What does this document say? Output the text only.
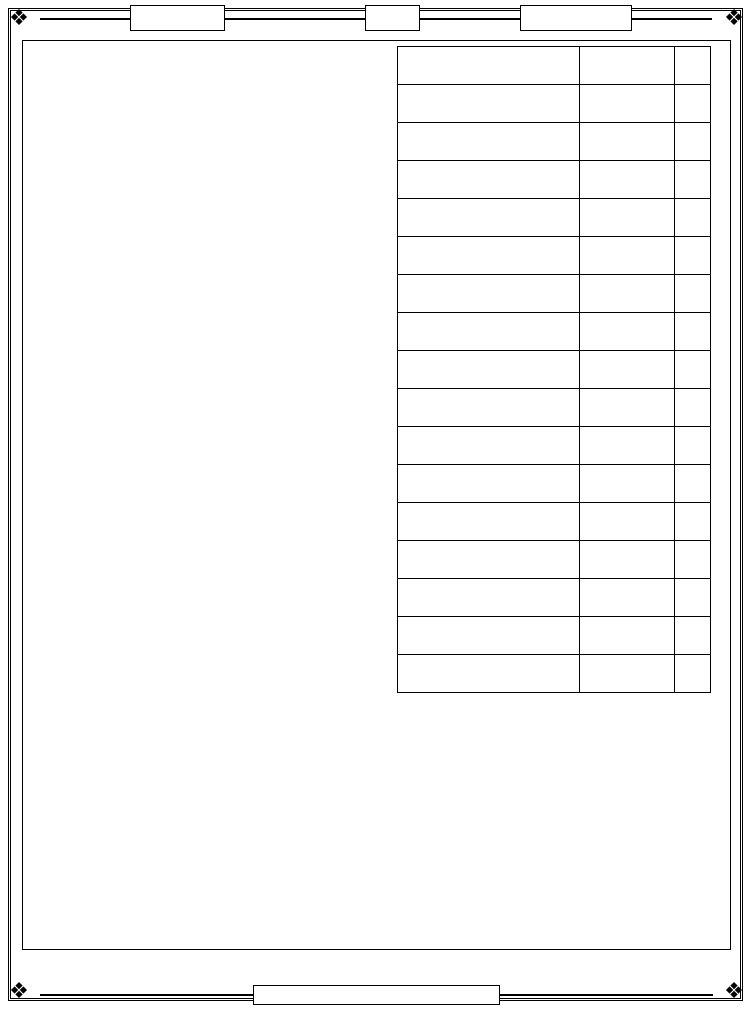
❖	❖
❖	❖
